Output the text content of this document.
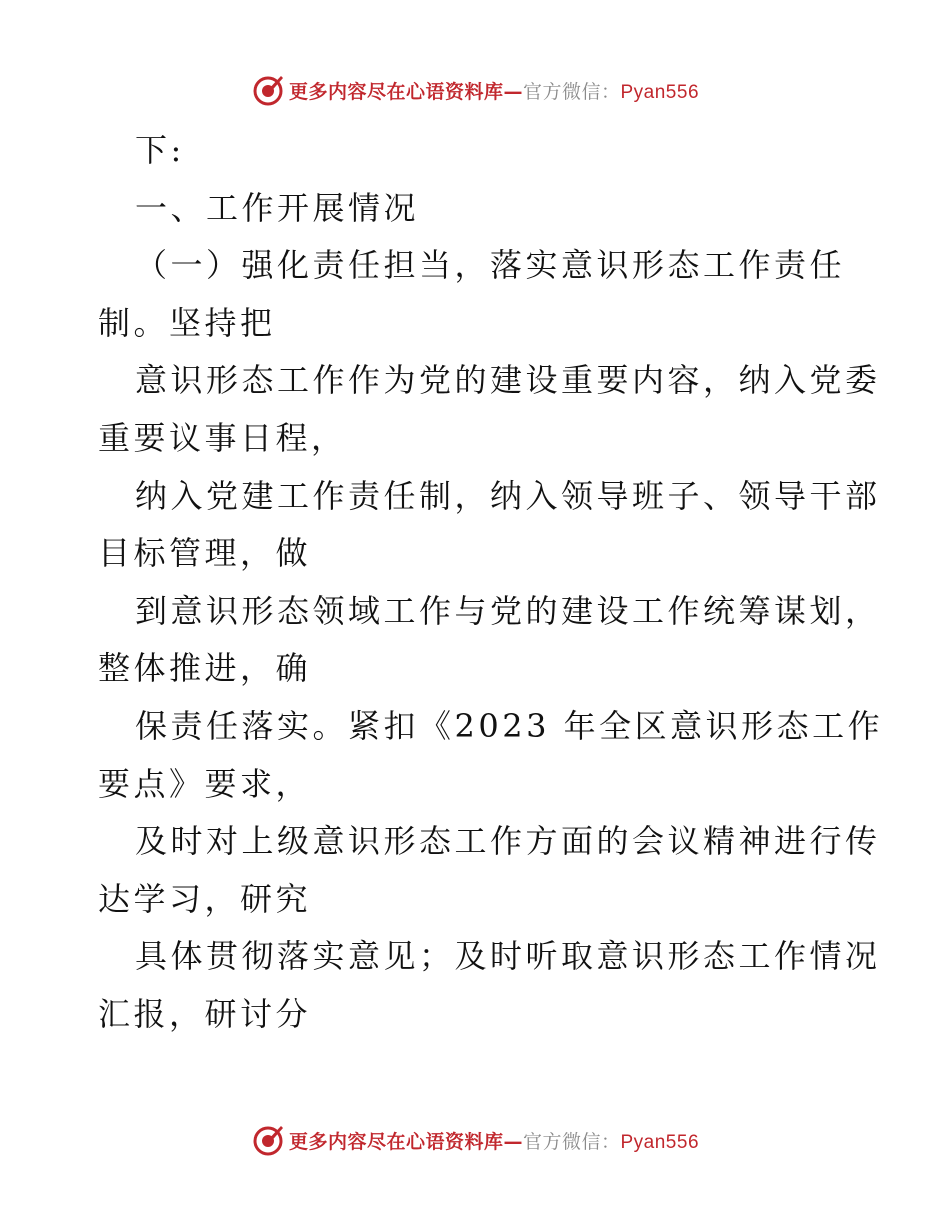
更多内容尽在心语资料库—官方微信：Pyan556
下:
一、工作开展情况
（一）强化责任担当，落实意识形态工作责任
制。坚持把
意识形态工作作为党的建设重要内容，纳入党委
重要议事日程，
纳入党建工作责任制，纳入领导班子、领导干部
目标管理，做
到意识形态领域工作与党的建设工作统筹谋划，
整体推进，确
保责任落实。紧扣《2023 年全区意识形态工作
要点》要求，
及时对上级意识形态工作方面的会议精神进行传
达学习，研究
具体贯彻落实意见；及时听取意识形态工作情况
汇报，研讨分
更多内容尽在心语资料库—官方微信：Pyan556
